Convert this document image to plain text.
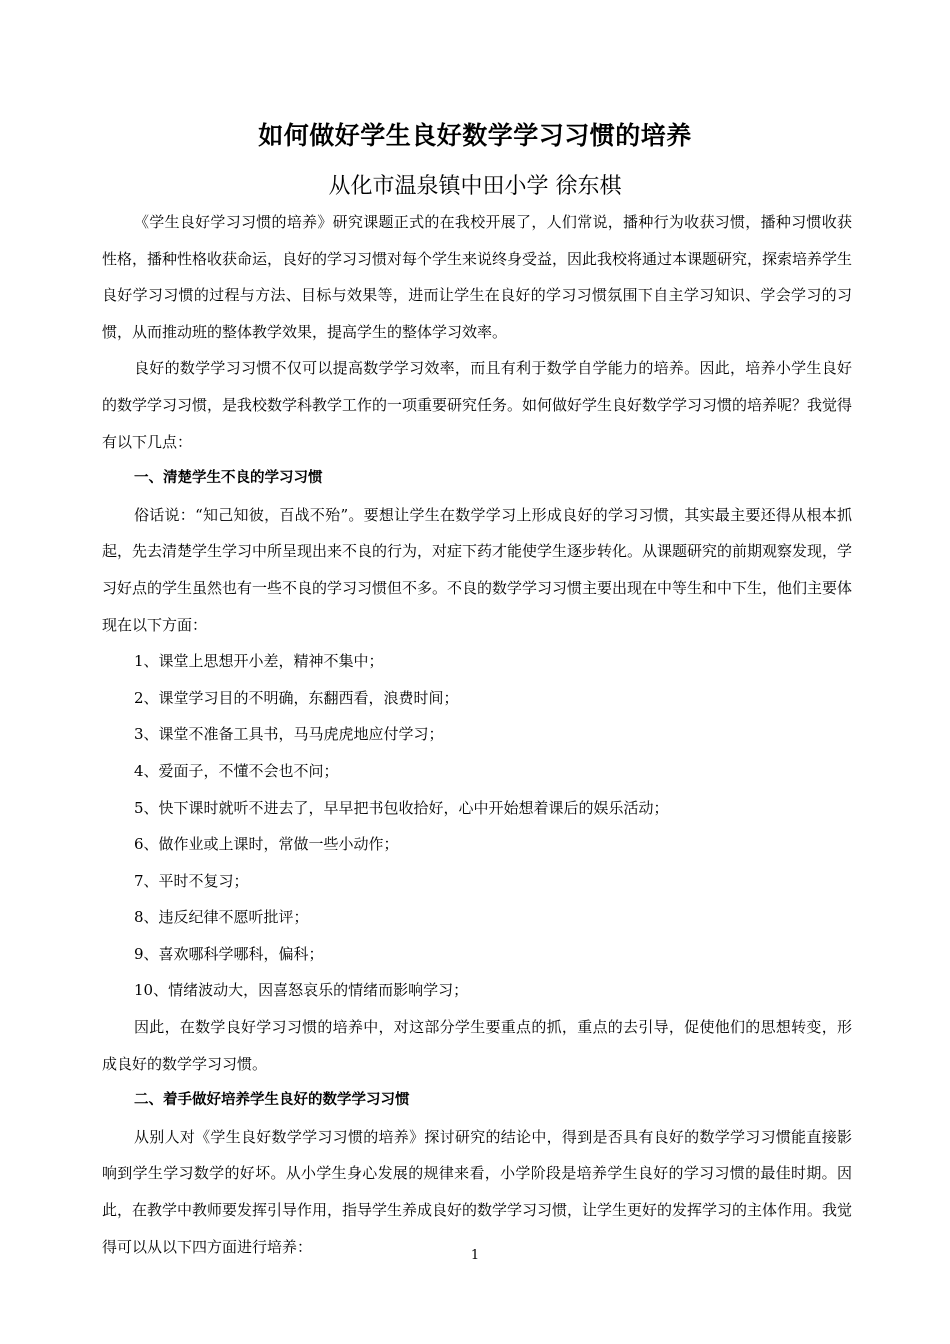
如何做好学生良好数学学习习惯的培养
从化市温泉镇中田小学 徐东棋

《学生良好学习习惯的培养》研究课题正式的在我校开展了，人们常说，播种行为收获习惯，播种习惯收获性格，播种性格收获命运，良好的学习习惯对每个学生来说终身受益，因此我校将通过本课题研究，探索培养学生良好学习习惯的过程与方法、目标与效果等，进而让学生在良好的学习习惯氛围下自主学习知识、学会学习的习惯，从而推动班的整体教学效果，提高学生的整体学习效率。

良好的数学学习习惯不仅可以提高数学学习效率，而且有利于数学自学能力的培养。因此，培养小学生良好的数学学习习惯，是我校数学科教学工作的一项重要研究任务。如何做好学生良好数学学习习惯的培养呢？我觉得有以下几点：

一、清楚学生不良的学习习惯

俗话说：“知己知彼，百战不殆”。要想让学生在数学学习上形成良好的学习习惯，其实最主要还得从根本抓起，先去清楚学生学习中所呈现出来不良的行为，对症下药才能使学生逐步转化。从课题研究的前期观察发现，学习好点的学生虽然也有一些不良的学习习惯但不多。不良的数学学习习惯主要出现在中等生和中下生，他们主要体现在以下方面：

1、课堂上思想开小差，精神不集中；

2、课堂学习目的不明确，东翻西看，浪费时间；

3、课堂不准备工具书，马马虎虎地应付学习；

4、爱面子，不懂不会也不问；

5、快下课时就听不进去了，早早把书包收拾好，心中开始想着课后的娱乐活动；

6、做作业或上课时，常做一些小动作；

7、平时不复习；

8、违反纪律不愿听批评；

9、喜欢哪科学哪科，偏科；

10、情绪波动大，因喜怒哀乐的情绪而影响学习；

因此，在数学良好学习习惯的培养中，对这部分学生要重点的抓，重点的去引导，促使他们的思想转变，形成良好的数学学习习惯。

二、着手做好培养学生良好的数学学习习惯

从别人对《学生良好数学学习习惯的培养》探讨研究的结论中，得到是否具有良好的数学学习习惯能直接影响到学生学习数学的好坏。从小学生身心发展的规律来看，小学阶段是培养学生良好的学习习惯的最佳时期。因此，在教学中教师要发挥引导作用，指导学生养成良好的数学学习习惯，让学生更好的发挥学习的主体作用。我觉得可以从以下四方面进行培养：	1
